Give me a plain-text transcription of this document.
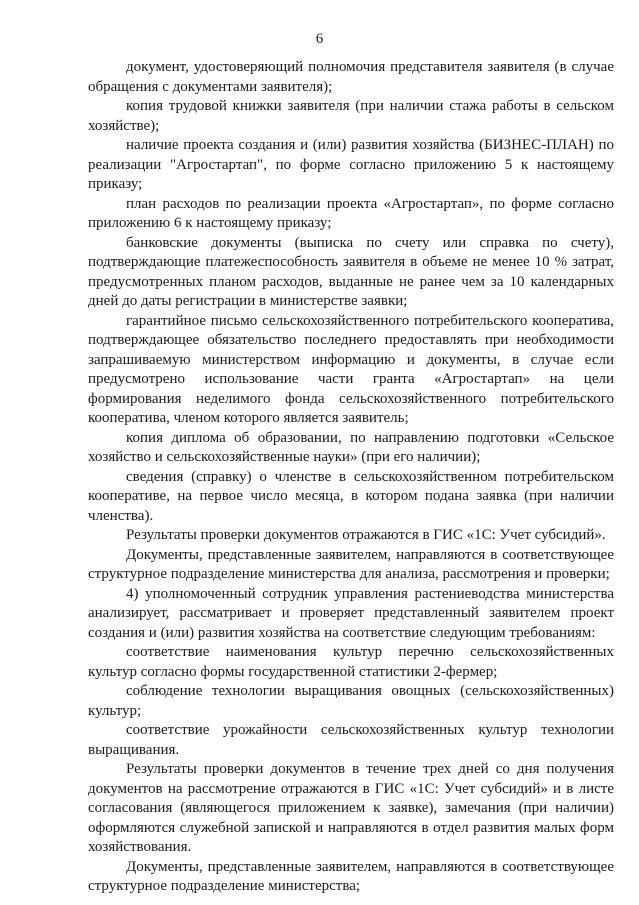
6

документ, удостоверяющий полномочия представителя заявителя (в случае обращения с документами заявителя);

копия трудовой книжки заявителя (при наличии стажа работы в сельском хозяйстве);

наличие проекта создания и (или) развития хозяйства (БИЗНЕС-ПЛАН) по реализации "Агростартап", по форме согласно приложению 5 к настоящему приказу;

план расходов по реализации проекта «Агростартап», по форме согласно приложению 6 к настоящему приказу;

банковские документы (выписка по счету или справка по счету), подтверждающие платежеспособность заявителя в объеме не менее 10 % затрат, предусмотренных планом расходов, выданные не ранее чем за 10 календарных дней до даты регистрации в министерстве заявки;

гарантийное письмо сельскохозяйственного потребительского кооператива, подтверждающее обязательство последнего предоставлять при необходимости запрашиваемую министерством информацию и документы, в случае если предусмотрено использование части гранта «Агростартап» на цели формирования неделимого фонда сельскохозяйственного потребительского кооператива, членом которого является заявитель;

копия диплома об образовании, по направлению подготовки «Сельское хозяйство и сельскохозяйственные науки» (при его наличии);

сведения (справку) о членстве в сельскохозяйственном потребительском кооперативе, на первое число месяца, в котором подана заявка (при наличии членства).

Результаты проверки документов отражаются в ГИС «1С: Учет субсидий».

Документы, представленные заявителем, направляются в соответствующее структурное подразделение министерства для анализа, рассмотрения и проверки;

4) уполномоченный сотрудник управления растениеводства министерства анализирует, рассматривает и проверяет представленный заявителем проект создания и (или) развития хозяйства на соответствие следующим требованиям:

соответствие наименования культур перечню сельскохозяйственных культур согласно формы государственной статистики 2-фермер;

соблюдение технологии выращивания овощных (сельскохозяйственных) культур;

соответствие урожайности сельскохозяйственных культур технологии выращивания.

Результаты проверки документов в течение трех дней со дня получения документов на рассмотрение отражаются в ГИС «1С: Учет субсидий» и в листе согласования (являющегося приложением к заявке), замечания (при наличии) оформляются служебной запиской и направляются в отдел развития малых форм хозяйствования.

Документы, представленные заявителем, направляются в соответствующее структурное подразделение министерства;
